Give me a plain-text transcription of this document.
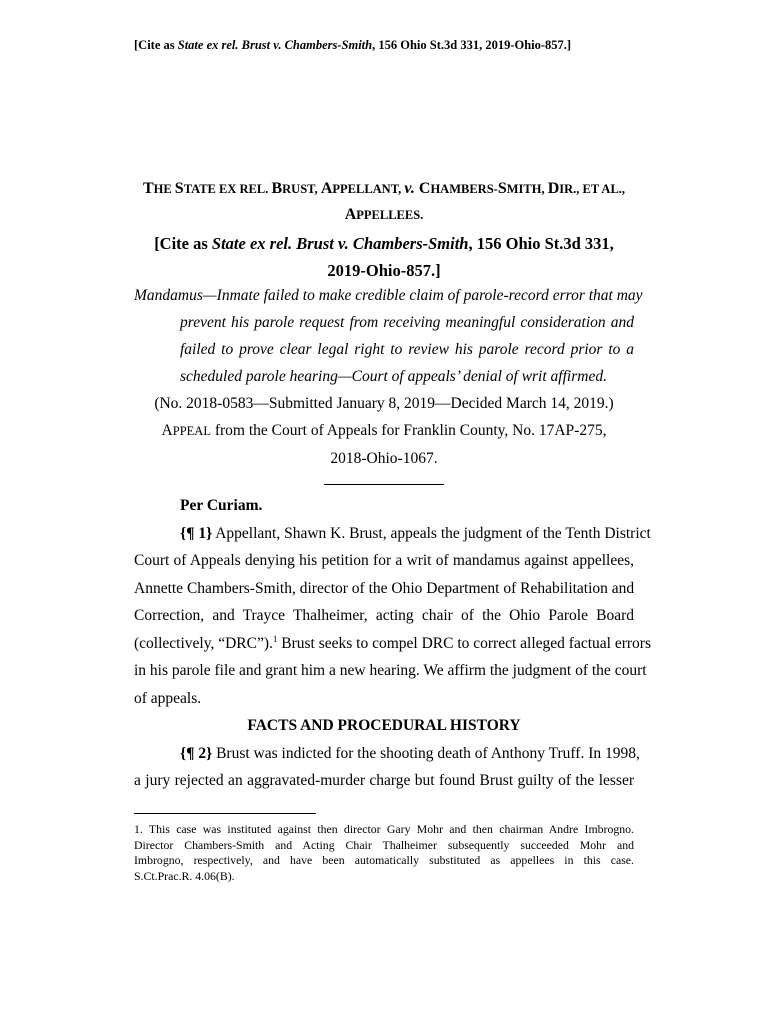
[Cite as State ex rel. Brust v. Chambers-Smith, 156 Ohio St.3d 331, 2019-Ohio-857.]
THE STATE EX REL. BRUST, APPELLANT, v. CHAMBERS-SMITH, DIR., ET AL.,
APPELLEES.
[Cite as State ex rel. Brust v. Chambers-Smith, 156 Ohio St.3d 331,
2019-Ohio-857.]
Mandamus—Inmate failed to make credible claim of parole-record error that may
prevent his parole request from receiving meaningful consideration and
failed to prove clear legal right to review his parole record prior to a
scheduled parole hearing—Court of appeals’ denial of writ affirmed.
(No. 2018-0583—Submitted January 8, 2019—Decided March 14, 2019.)
APPEAL from the Court of Appeals for Franklin County, No. 17AP-275,
2018-Ohio-1067.
Per Curiam.
{¶ 1} Appellant, Shawn K. Brust, appeals the judgment of the Tenth District
Court of Appeals denying his petition for a writ of mandamus against appellees,
Annette Chambers-Smith, director of the Ohio Department of Rehabilitation and
Correction, and Trayce Thalheimer, acting chair of the Ohio Parole Board
(collectively, “DRC”).$^1$ Brust seeks to compel DRC to correct alleged factual errors
in his parole file and grant him a new hearing. We affirm the judgment of the court
of appeals.
FACTS AND PROCEDURAL HISTORY
{¶ 2} Brust was indicted for the shooting death of Anthony Truff. In 1998,
a jury rejected an aggravated-murder charge but found Brust guilty of the lesser
1. This case was instituted against then director Gary Mohr and then chairman Andre Imbrogno.
Director Chambers-Smith and Acting Chair Thalheimer subsequently succeeded Mohr and
Imbrogno, respectively, and have been automatically substituted as appellees in this case.
S.Ct.Prac.R. 4.06(B).
